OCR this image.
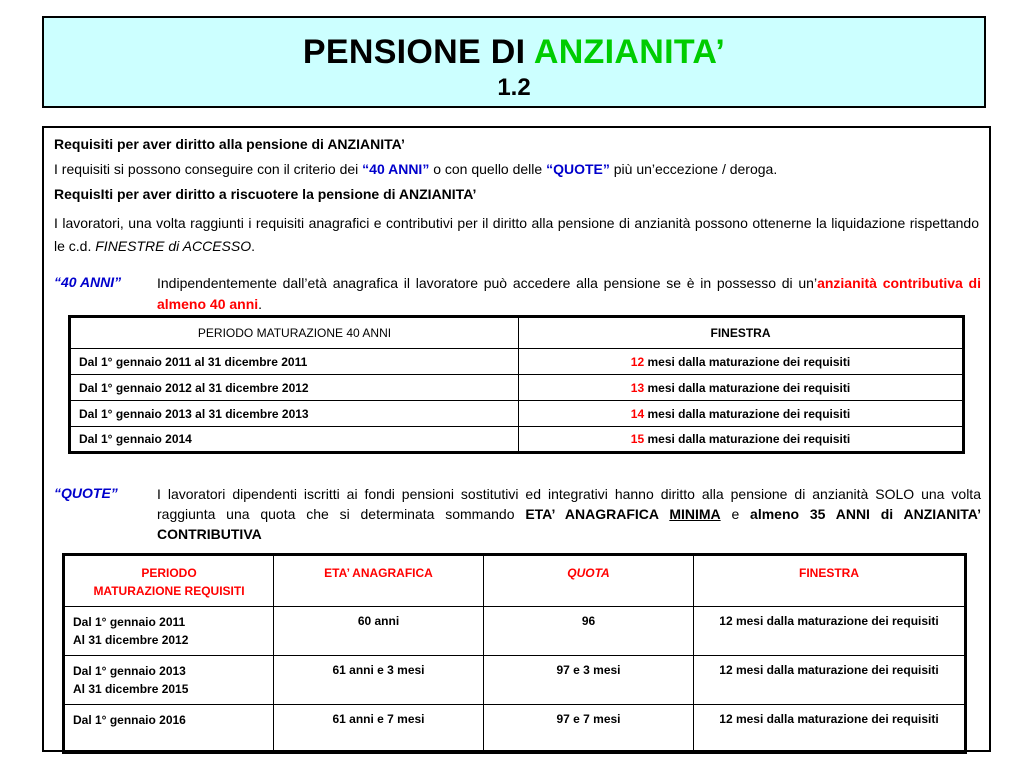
PENSIONE DI ANZIANITA’
1.2
Requisiti per aver diritto alla pensione di ANZIANITA’
I requisiti si possono conseguire con il criterio dei “40 ANNI” o con quello delle “QUOTE” più un’eccezione / deroga.
RequisIti per aver diritto a riscuotere la pensione di ANZIANITA’
I lavoratori, una volta raggiunti i requisiti anagrafici e contributivi per il diritto alla pensione di anzianità possono ottenerne la liquidazione rispettando le c.d. FINESTRE di ACCESSO.
“40 ANNI”	Indipendentemente dall’età anagrafica il lavoratore può accedere alla pensione se è in possesso di un’anzianità contributiva di almeno 40 anni.
PERIODO MATURAZIONE 40 ANNI	FINESTRA
Dal 1° gennaio 2011 al 31 dicembre 2011	12 mesi dalla maturazione dei requisiti
Dal 1° gennaio 2012 al 31 dicembre 2012	13 mesi dalla maturazione dei requisiti
Dal 1° gennaio 2013 al 31 dicembre 2013	14 mesi dalla maturazione dei requisiti
Dal 1° gennaio 2014	15 mesi dalla maturazione dei requisiti
“QUOTE”	I lavoratori dipendenti iscritti ai fondi pensioni sostitutivi ed integrativi hanno diritto alla pensione di anzianità SOLO una volta raggiunta una quota che si determinata sommando ETA’ ANAGRAFICA MINIMA e almeno 35 ANNI di ANZIANITA’ CONTRIBUTIVA
PERIODO
MATURAZIONE REQUISITI	ETA’ ANAGRAFICA	QUOTA	FINESTRA
Dal 1° gennaio 2011
Al 31 dicembre 2012	60 anni	96	12 mesi dalla maturazione dei requisiti
Dal 1° gennaio 2013
Al 31 dicembre 2015	61 anni e 3 mesi	97 e 3 mesi	12 mesi dalla maturazione dei requisiti
Dal 1° gennaio 2016	61 anni e 7 mesi	97 e 7 mesi	12 mesi dalla maturazione dei requisiti
